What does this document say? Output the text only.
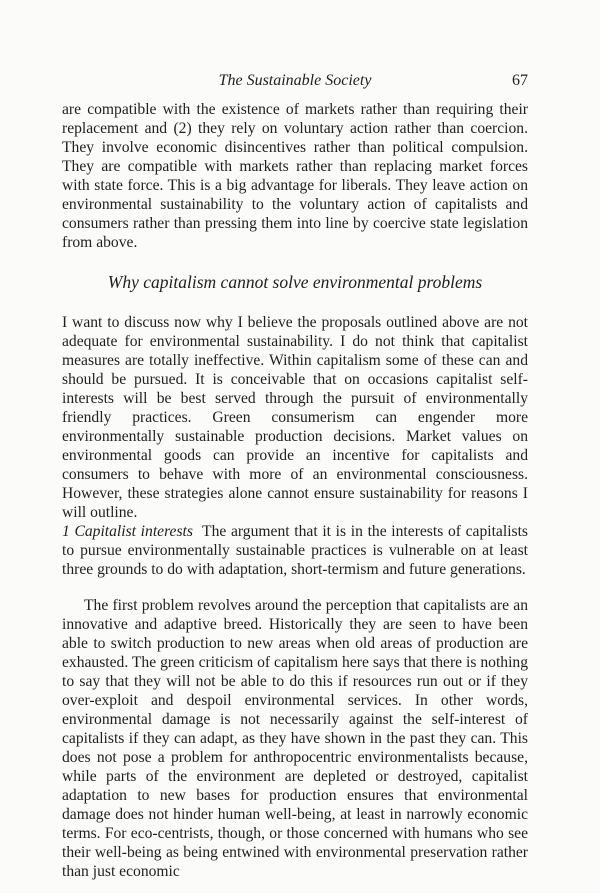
The Sustainable Society	67

are compatible with the existence of markets rather than requiring their replacement and (2) they rely on voluntary action rather than coercion. They involve economic disincentives rather than political compulsion. They are compatible with markets rather than replacing market forces with state force. This is a big advantage for liberals. They leave action on environmental sustainability to the voluntary action of capitalists and consumers rather than pressing them into line by coercive state legislation from above.

Why capitalism cannot solve environmental problems

I want to discuss now why I believe the proposals outlined above are not adequate for environmental sustainability. I do not think that capitalist measures are totally ineffective. Within capitalism some of these can and should be pursued. It is conceivable that on occasions capitalist self-interests will be best served through the pursuit of environmentally friendly practices. Green consumerism can engender more environmentally sustainable production decisions. Market values on environmental goods can provide an incentive for capitalists and consumers to behave with more of an environmental consciousness. However, these strategies alone cannot ensure sustainability for reasons I will outline.

1 Capitalist interests The argument that it is in the interests of capitalists to pursue environmentally sustainable practices is vulnerable on at least three grounds to do with adaptation, short-termism and future generations.

The first problem revolves around the perception that capitalists are an innovative and adaptive breed. Historically they are seen to have been able to switch production to new areas when old areas of production are exhausted. The green criticism of capitalism here says that there is nothing to say that they will not be able to do this if resources run out or if they over-exploit and despoil environmental services. In other words, environmental damage is not necessarily against the self-interest of capitalists if they can adapt, as they have shown in the past they can. This does not pose a problem for anthropocentric environmentalists because, while parts of the environment are depleted or destroyed, capitalist adaptation to new bases for production ensures that environmental damage does not hinder human well-being, at least in narrowly economic terms. For eco-centrists, though, or those concerned with humans who see their well-being as being entwined with environmental preservation rather than just economic
